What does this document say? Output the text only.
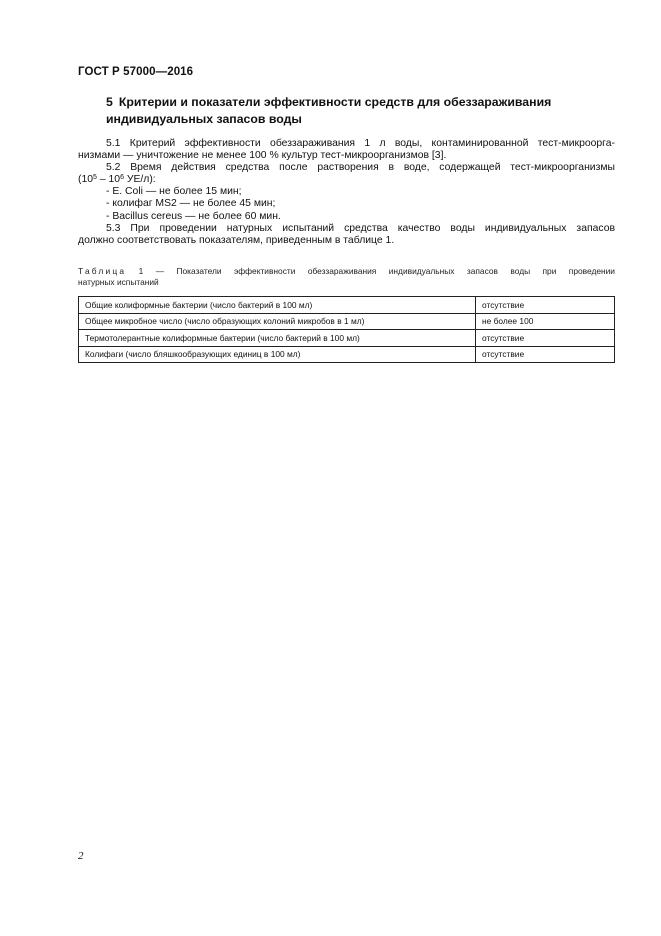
ГОСТ Р 57000—2016
5 Критерии и показатели эффективности средств для обеззараживания индивидуальных запасов воды

5.1 Критерий эффективности обеззараживания 1 л воды, контаминированной тест-микроорга-

низмами — уничтожение не менее 100 % культур тест-микроорганизмов [3].

5.2 Время действия средства после растворения в воде, содержащей тест-микроорганизмы

($10^5 - 10^6$ УЕ/л):

- E. Coli — не более 15 мин;

- колифаг MS2 — не более 45 мин;

- Bacillus cereus — не более 60 мин.

5.3 При проведении натурных испытаний средства качество воды индивидуальных запасов

должно соответствовать показателям, приведенным в таблице 1.

Таблица 1 — Показатели эффективности обеззараживания индивидуальных запасов воды при проведении
натурных испытаний
Общие колиформные бактерии (число бактерий в 100 мл)	отсутствие
Общее микробное число (число образующих колоний микробов в 1 мл)	не более 100
Термотолерантные колиформные бактерии (число бактерий в 100 мл)	отсутствие
Колифаги (число бляшкообразующих единиц в 100 мл)	отсутствие
2
